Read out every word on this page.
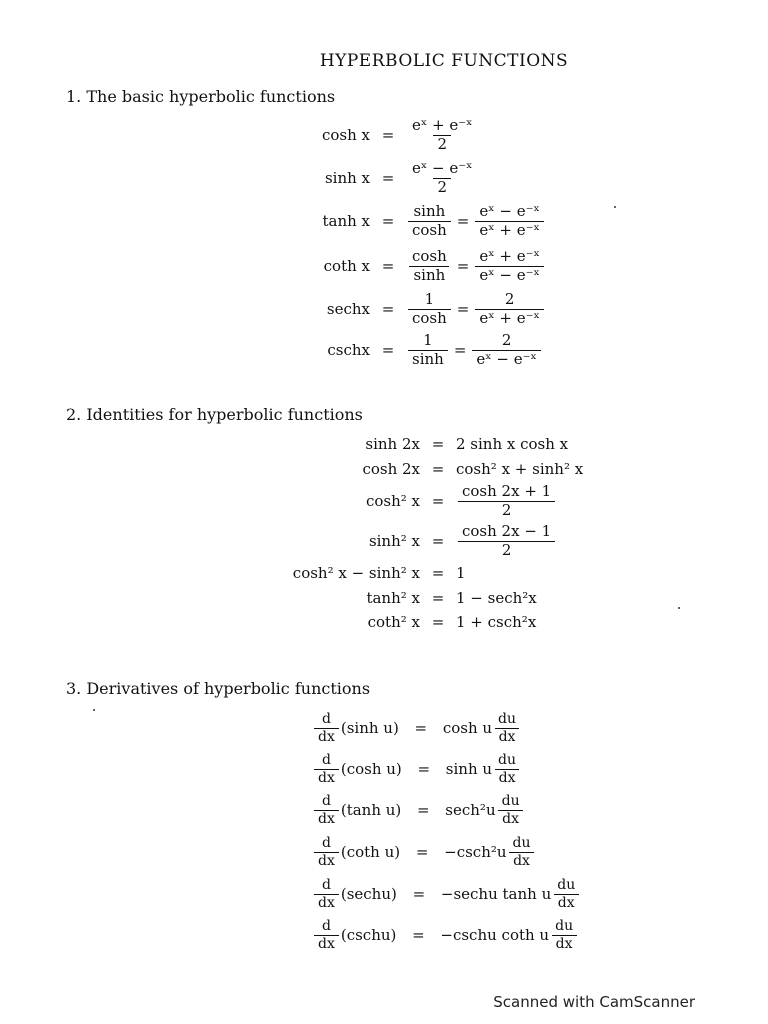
HYPERBOLIC FUNCTIONS
1. The basic hyperbolic functions
$\cosh x = \frac{\text{eˣ + e⁻ˣ}}{2}$
$\sinh x = \frac{\text{eˣ − e⁻ˣ}}{2}$
$\tanh x = \frac{\sinh}{\cosh} = \frac{\text{eˣ − e⁻ˣ}}{\text{eˣ + e⁻ˣ}}$
coth $x = \frac{\cosh}{\sinh} = \frac{\text{eˣ + e⁻ˣ}}{\text{eˣ − e⁻ˣ}}$
sechx = $\frac{1}{\cosh} = \frac{2}{\text{eˣ + e⁻ˣ}}$
cschx = $\frac{1}{\sinh} = \frac{2}{\text{eˣ − e⁻ˣ}}$
2. Identities for hyperbolic functions
sinh 2x = 2 sinh x cosh x
cosh 2x = cosh² x + sinh² x
cosh² $x = \frac{\cosh 2x + 1}{2}$
sinh² $x = \frac{\cosh 2x - 1}{2}$
cosh² x − sinh² x = 1
tanh² x = 1 − sech²x
coth² x = 1 + csch²x
3. Derivatives of hyperbolic functions
$\frac{d}{dx} (\sinh$ u)	=	cosh u $\frac{du}{dx}$
$\frac{d}{dx} (\cosh$ u)	=	sinh u $\frac{du}{dx}$
$\frac{d}{dx} (\tanh$ u)	=	$\sec h^2u \frac{du}{dx}$
$\frac{d}{dx} (\cot h$ u)	=	$-\csc h^2u \frac{du}{dx}$
$\frac{d}{dx}$ (sechu)	=	−sechu tanh u $\frac{du}{dx}$
$\frac{d}{dx}$ (cschu)	=	−cschu coth u $\frac{du}{dx}$
Scanned with CamScanner
